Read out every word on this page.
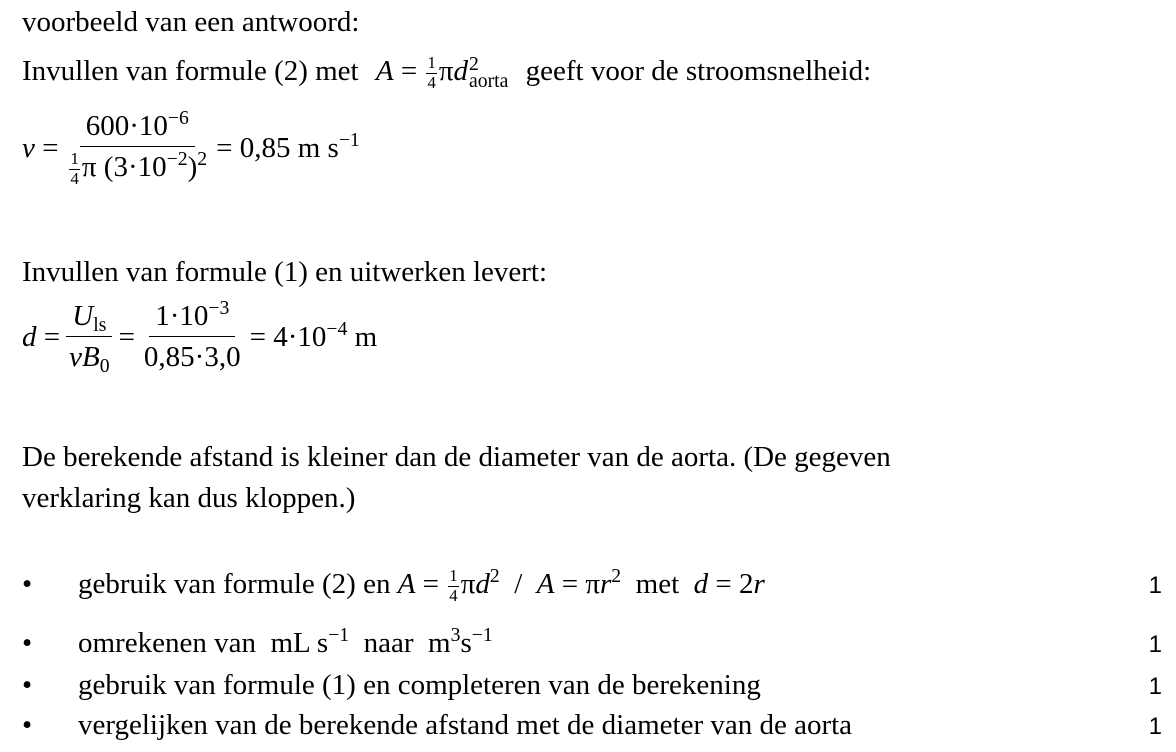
voorbeeld van een antwoord:
Invullen van formule (2) met $A = \frac{1}{4}$ πd 2
aorta geeft voor de stroomsnelheid:
$v = \frac{600\cdot 10^{-6}}{\frac{1}{4} \pi (3\cdot 10^{-2})^2} = 0,85$ m $s^{-1}$
Invullen van formule (1) en uitwerken levert:
$d = \frac{U_{ls}}{vB_0} = \frac{1\cdot 10^{-3}}{0,85\cdot 3,0} = 4\cdot 10^{-4}$ m
De berekende afstand is kleiner dan de diameter van de aorta. (De gegeven
verklaring kan dus kloppen.)
• gebruik van formule (2) en $A = \frac{1}{4} \pi d^2 / A = \pi r^2$  met  d = 2r	1
• omrekenen van  mL $s^{-1}$  naar  $m^3s^{-1}$	1
• gebruik van formule (1) en completeren van de berekening	1
• vergelijken van de berekende afstand met de diameter van de aorta	1
